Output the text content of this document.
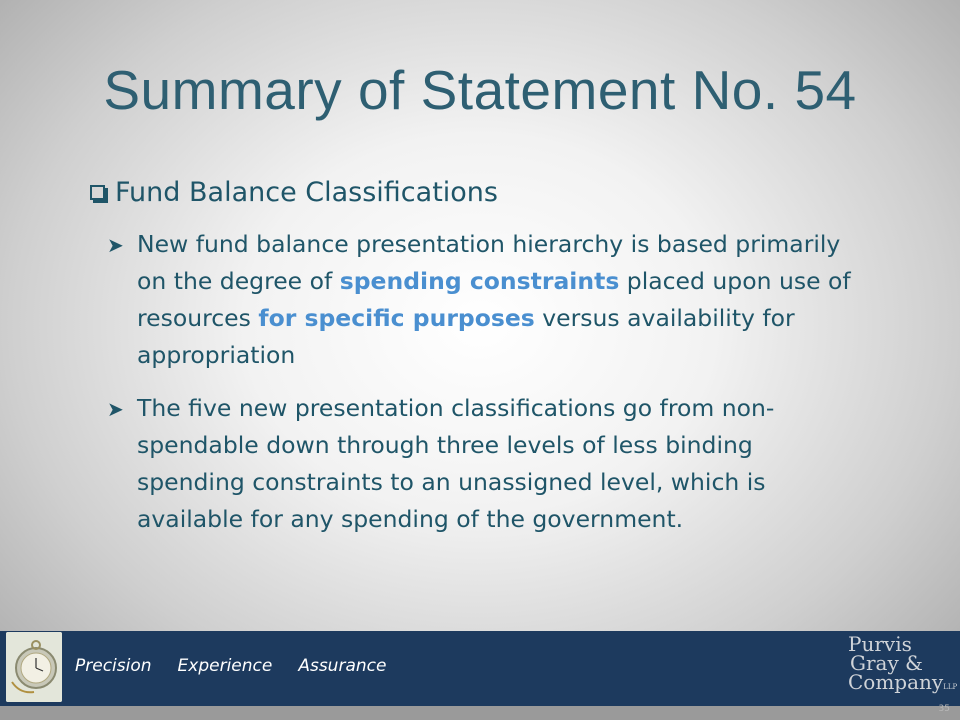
Summary of Statement No. 54
Fund Balance Classifications
➤ New fund balance presentation hierarchy is based primarily on the degree of spending constraints placed upon use of resources for specific purposes versus availability for appropriation
➤ The five new presentation classifications go from non-spendable down through three levels of less binding spending constraints to an unassigned level, which is available for any spending of the government.
Precision Experience Assurance
Purvis
Gray &
CompanyLLP
35
